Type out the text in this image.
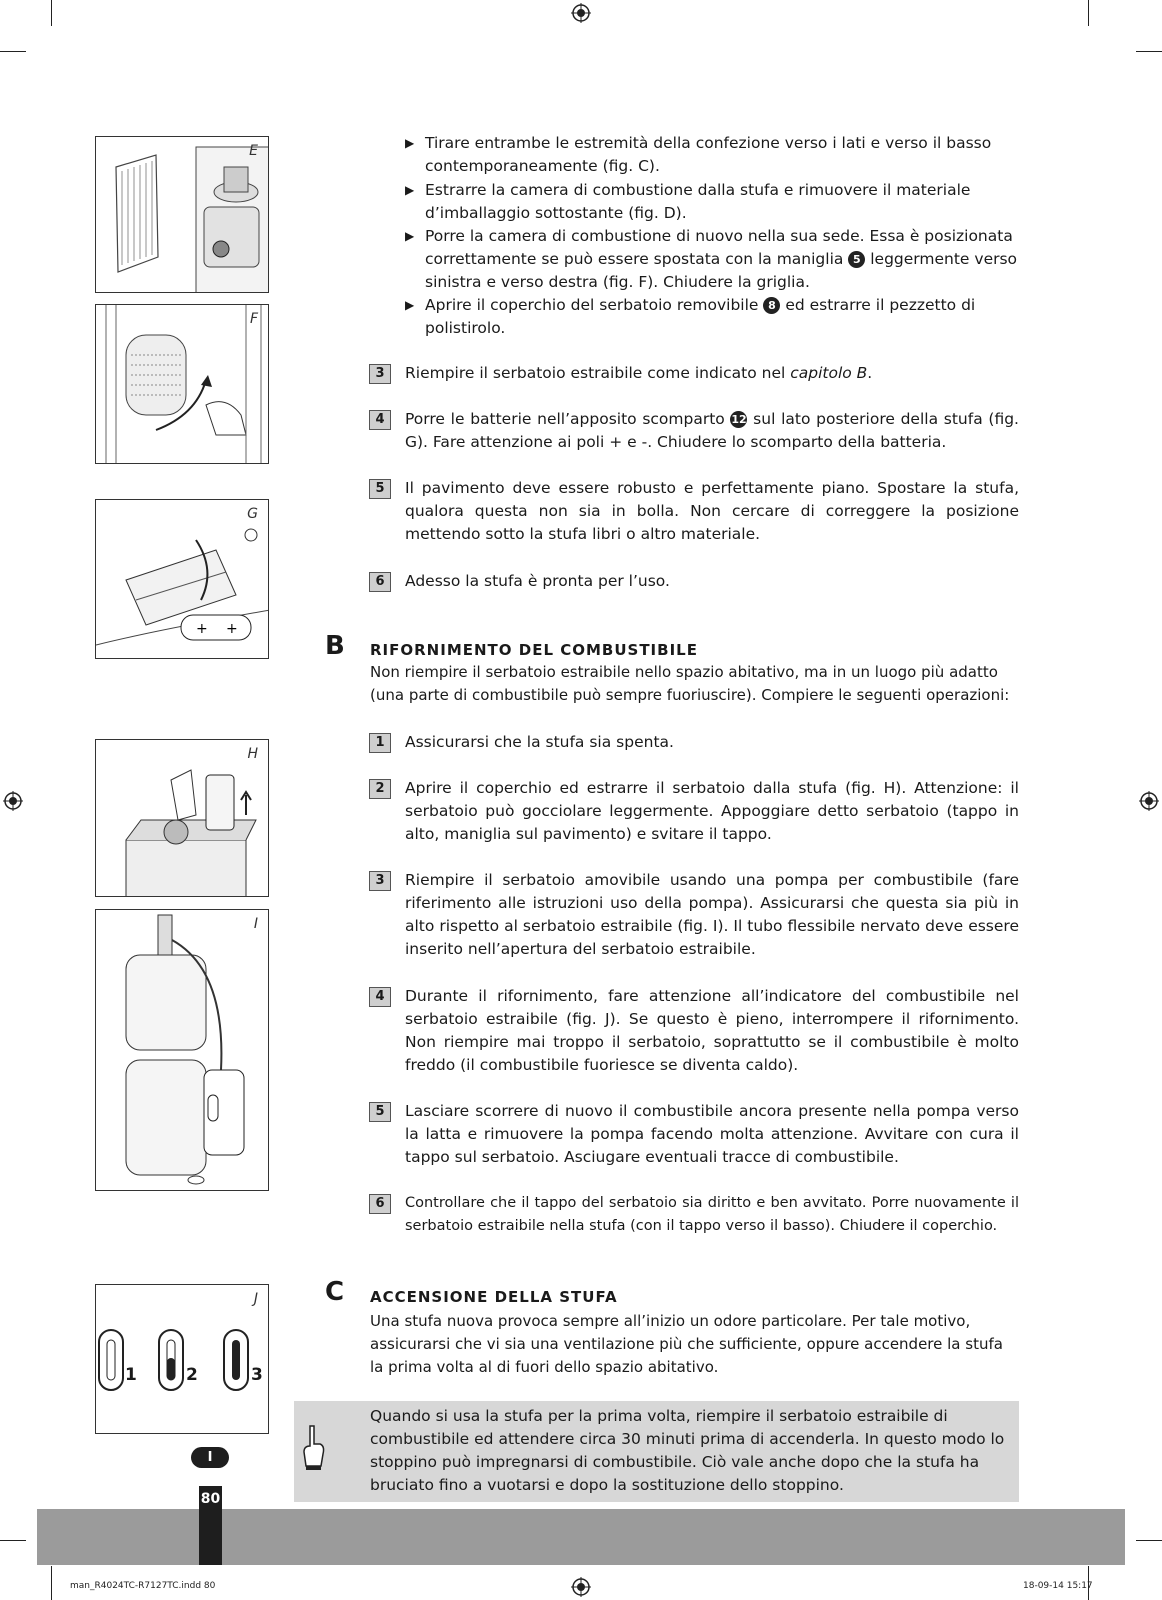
E
F
+ +
G
H
I
1	2	3
J
▶ Tirare entrambe le estremità della confezione verso i lati e verso il basso contemporaneamente (fig. C).
▶ Estrarre la camera di combustione dalla stufa e rimuovere il materiale d’imballaggio sottostante (fig. D).
▶ Porre la camera di combustione di nuovo nella sua sede. Essa è posizionata correttamente se può essere spostata con la maniglia 5 leggermente verso sinistra e verso destra (fig. F). Chiudere la griglia.
▶ Aprire il coperchio del serbatoio removibile 8 ed estrarre il pezzetto di polistirolo.
3	Riempire il serbatoio estraibile come indicato nel capitolo B.
4	Porre le batterie nell’apposito scomparto 12 sul lato posteriore della stufa (fig. G). Fare attenzione ai poli + e -. Chiudere lo scomparto della batteria.
5	Il pavimento deve essere robusto e perfettamente piano. Spostare la stufa, qualora questa non sia in bolla. Non cercare di correggere la posizione mettendo sotto la stufa libri o altro materiale.
6	Adesso la stufa è pronta per l’uso.
B RIFORNIMENTO DEL COMBUSTIBILE
Non riempire il serbatoio estraibile nello spazio abitativo, ma in un luogo più adatto (una parte di combustibile può sempre fuoriuscire). Compiere le seguenti operazioni:
1	Assicurarsi che la stufa sia spenta.
2	Aprire il coperchio ed estrarre il serbatoio dalla stufa (fig. H). Attenzione: il serbatoio può gocciolare leggermente. Appoggiare detto serbatoio (tappo in alto, maniglia sul pavimento) e svitare il tappo.
3	Riempire il serbatoio amovibile usando una pompa per combustibile (fare riferimento alle istruzioni uso della pompa). Assicurarsi che questa sia più in alto rispetto al serbatoio estraibile (fig. I). Il tubo flessibile nervato deve essere inserito nell’apertura del serbatoio estraibile.
4	Durante il rifornimento, fare attenzione all’indicatore del combustibile nel serbatoio estraibile (fig. J). Se questo è pieno, interrompere il rifornimento. Non riempire mai troppo il serbatoio, soprattutto se il combustibile è molto freddo (il combustibile fuoriesce se diventa caldo).
5	Lasciare scorrere di nuovo il combustibile ancora presente nella pompa verso la latta e rimuovere la pompa facendo molta attenzione. Avvitare con cura il tappo sul serbatoio. Asciugare eventuali tracce di combustibile.
6	Controllare che il tappo del serbatoio sia diritto e ben avvitato. Porre nuovamente il serbatoio estraibile nella stufa (con il tappo verso il basso). Chiudere il coperchio.
C ACCENSIONE DELLA STUFA
Una stufa nuova provoca sempre all’inizio un odore particolare. Per tale motivo, assicurarsi che vi sia una ventilazione più che sufficiente, oppure accendere la stufa la prima volta al di fuori dello spazio abitativo.
Quando si usa la stufa per la prima volta, riempire il serbatoio estraibile di combustibile ed attendere circa 30 minuti prima di accenderla. In questo modo lo stoppino può impregnarsi di combustibile. Ciò vale anche dopo che la stufa ha bruciato fino a vuotarsi e dopo la sostituzione dello stoppino.
I
80
man_R4024TC-R7127TC.indd 80	18-09-14 15:17
